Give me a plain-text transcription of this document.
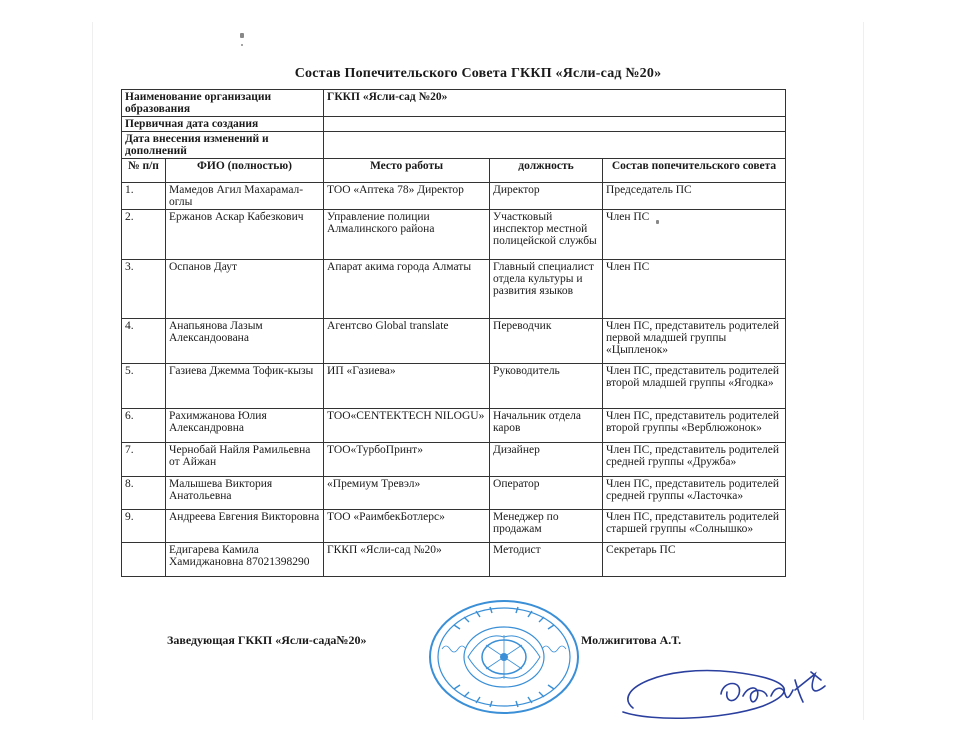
Состав Попечительского Совета ГККП «Ясли-сад №20»
Наименование организации образования		ГККП «Ясли-сад №20»		
Первичная дата создания				
Дата внесения изменений и дополнений				
№ п/п	ФИО (полностью)	Место работы	должность	Состав попечительского совета
1.	Мамедов Агил Махарамал- оглы	ТОО «Аптека 78» Директор	Директор	Председатель ПС
2.	Ержанов Аскар Кабезкович	Управление полиции Алмалинского района	Участковый инспектор местной полицейской службы	Член ПС
3.	Оспанов Даут	Апарат акима города Алматы	Главный специалист отдела культуры и развития языков	Член ПС
4.	Анапьянова Лазым Александоована	Агентсво Global translate	Переводчик	Член ПС, представитель родителей первой младшей группы «Цыпленок»
5.	Газиева Джемма Тофик-кызы	ИП «Газиева»	Руководитель	Член ПС, представитель родителей второй младшей группы «Ягодка»
6.	Рахимжанова Юлия Александровна	ТОО«CENTEKTECH NILOGU»	Начальник отдела каров	Член ПС, представитель родителей второй группы «Верблюжонок»
7.	Чернобай Найля Рамильевна от Айжан	ТОО«ТурбоПринт»	Дизайнер	Член ПС, представитель родителей средней группы «Дружба»
8.	Малышева Виктория Анатольевна	«Премиум Тревэл»	Оператор	Член ПС, представитель родителей средней группы «Ласточка»
9.	Андреева Евгения Викторовна	ТОО «РаимбекБотлерс»	Менеджер по продажам	Член ПС, представитель родителей старшей группы «Солнышко»
	Едигарева Камила Хамиджановна 87021398290	ГККП «Ясли-сад №20»	Методист	Секретарь ПС
Заведующая ГККП «Ясли-сада№20»	Молжигитова А.Т.
